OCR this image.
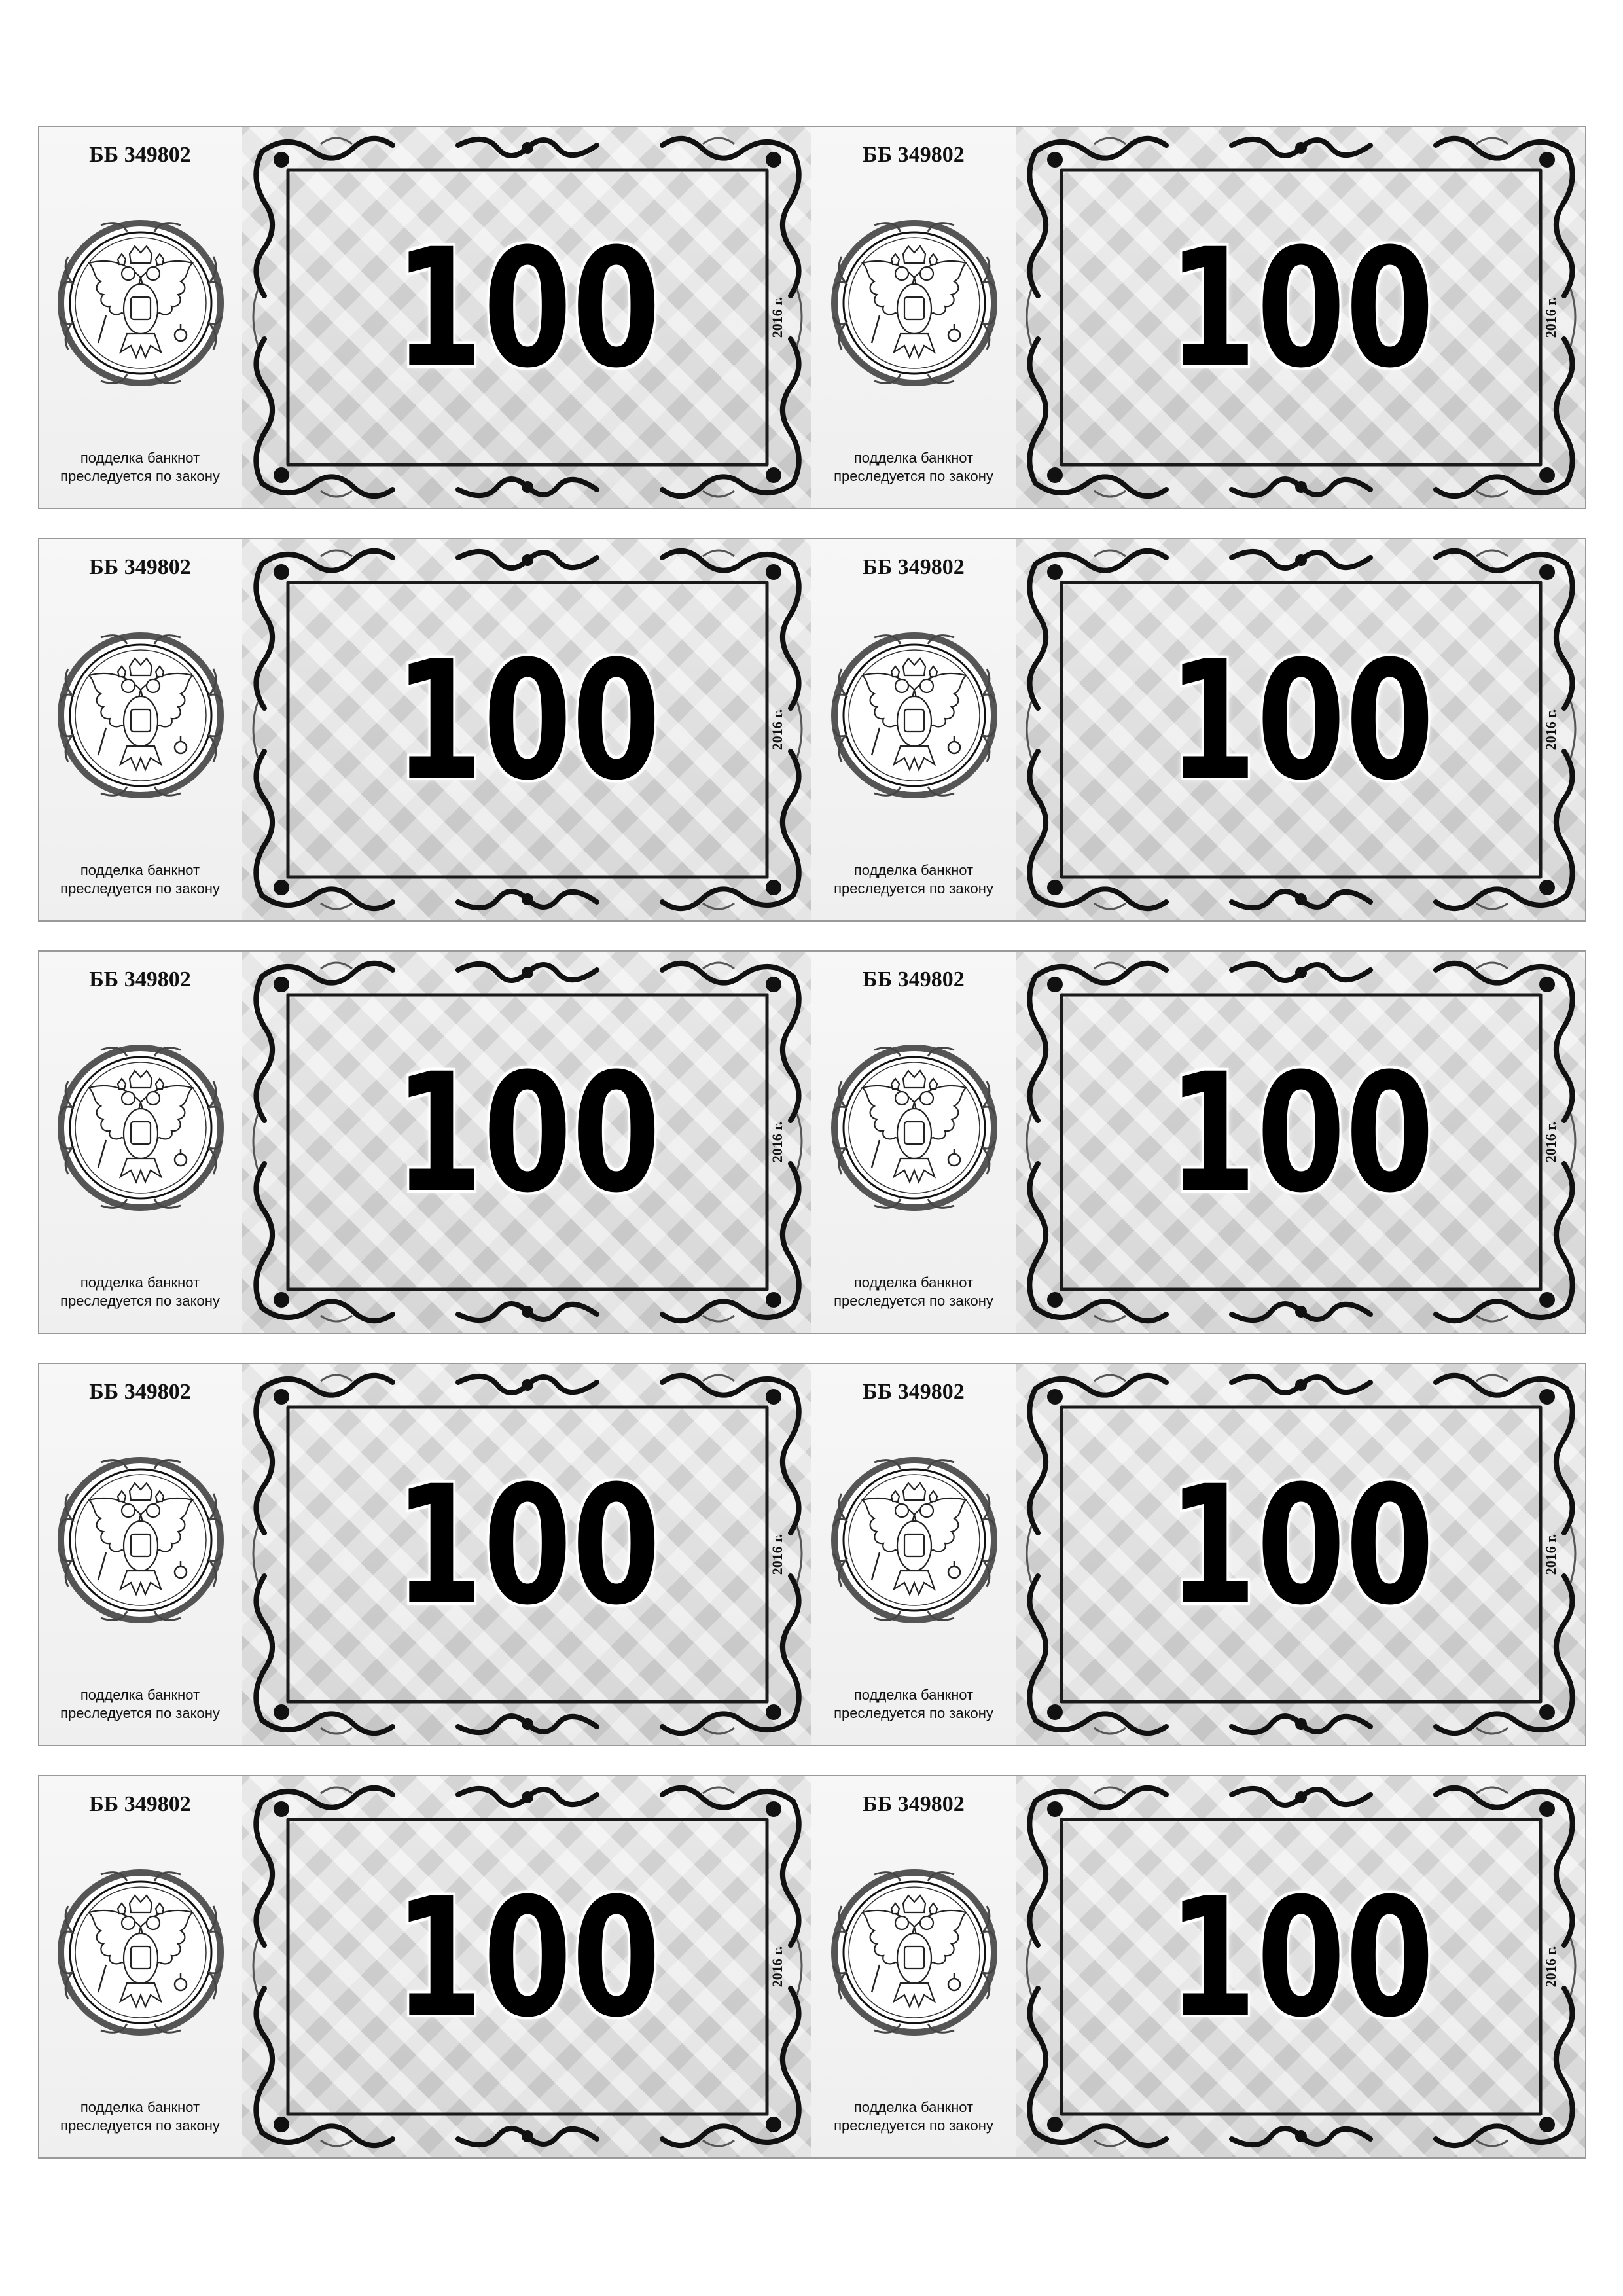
ББ 349802
подделка банкнот
преследуется по закону
100	2016 г.
ББ 349802
подделка банкнот
преследуется по закону
100	2016 г.
ББ 349802
подделка банкнот
преследуется по закону
100	2016 г.
ББ 349802
подделка банкнот
преследуется по закону
100	2016 г.
ББ 349802
подделка банкнот
преследуется по закону
100	2016 г.
ББ 349802
подделка банкнот
преследуется по закону
100	2016 г.
ББ 349802
подделка банкнот
преследуется по закону
100	2016 г.
ББ 349802
подделка банкнот
преследуется по закону
100	2016 г.
ББ 349802
подделка банкнот
преследуется по закону
100	2016 г.
ББ 349802
подделка банкнот
преследуется по закону
100	2016 г.
